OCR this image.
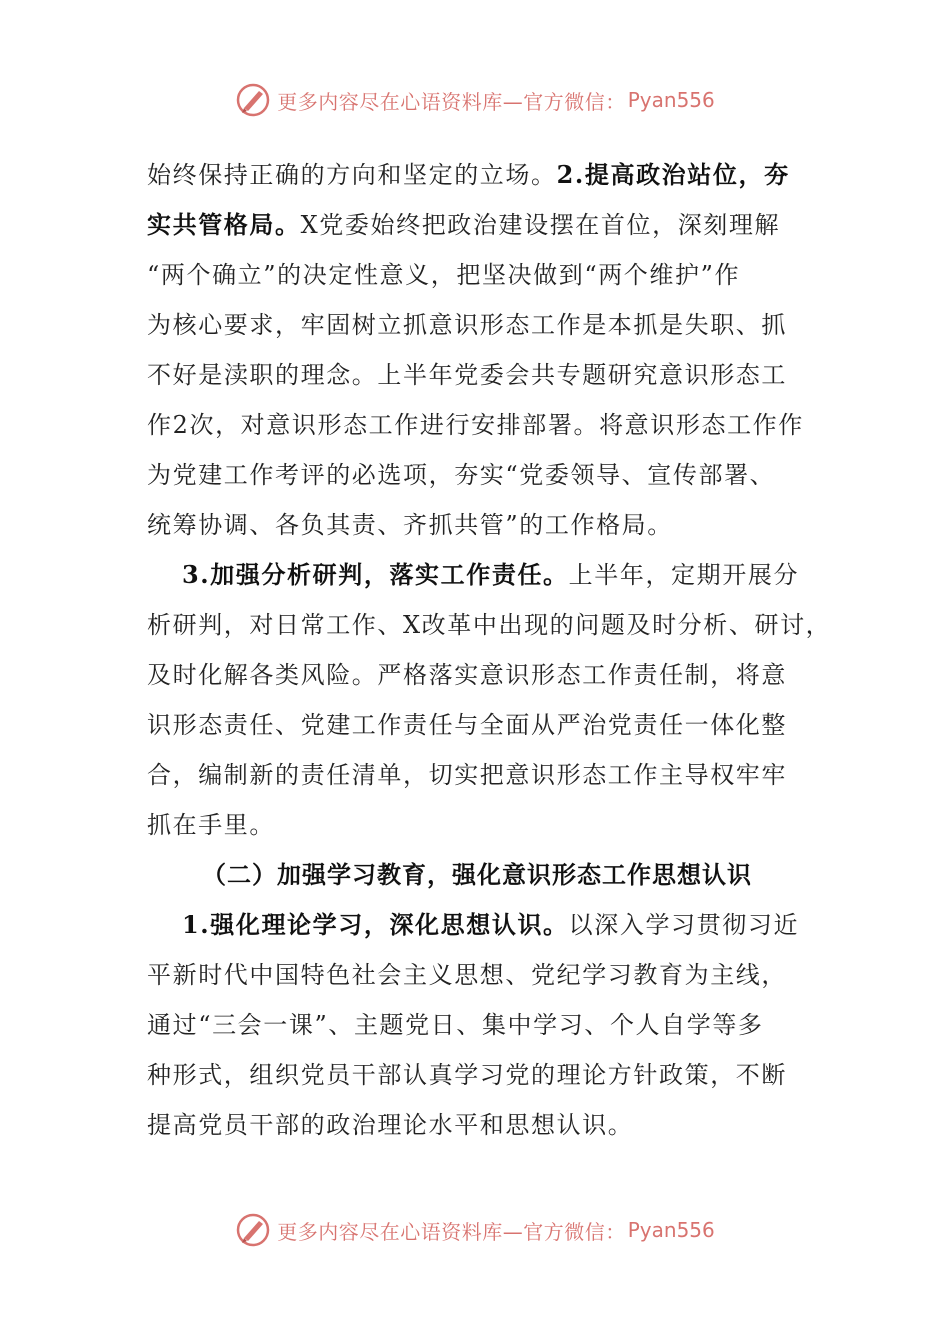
更多内容尽在心语资料库—官方微信： Pyan556
始终保持正确的方向和坚定的立场。2.提高政治站位，夯
实共管格局。X党委始终把政治建设摆在首位，深刻理解
“两个确立”的决定性意义，把坚决做到“两个维护”作
为核心要求，牢固树立抓意识形态工作是本抓是失职、抓
不好是渎职的理念。上半年党委会共专题研究意识形态工
作2次，对意识形态工作进行安排部署。将意识形态工作作
为党建工作考评的必选项，夯实“党委领导、宣传部署、
统筹协调、各负其责、齐抓共管”的工作格局。
3.加强分析研判，落实工作责任。上半年，定期开展分
析研判，对日常工作、X改革中出现的问题及时分析、研讨，
及时化解各类风险。严格落实意识形态工作责任制，将意
识形态责任、党建工作责任与全面从严治党责任一体化整
合，编制新的责任清单，切实把意识形态工作主导权牢牢
抓在手里。
（二）加强学习教育，强化意识形态工作思想认识
1.强化理论学习，深化思想认识。以深入学习贯彻习近
平新时代中国特色社会主义思想、党纪学习教育为主线，
通过“三会一课”、主题党日、集中学习、个人自学等多
种形式，组织党员干部认真学习党的理论方针政策，不断
提高党员干部的政治理论水平和思想认识。
更多内容尽在心语资料库—官方微信： Pyan556
